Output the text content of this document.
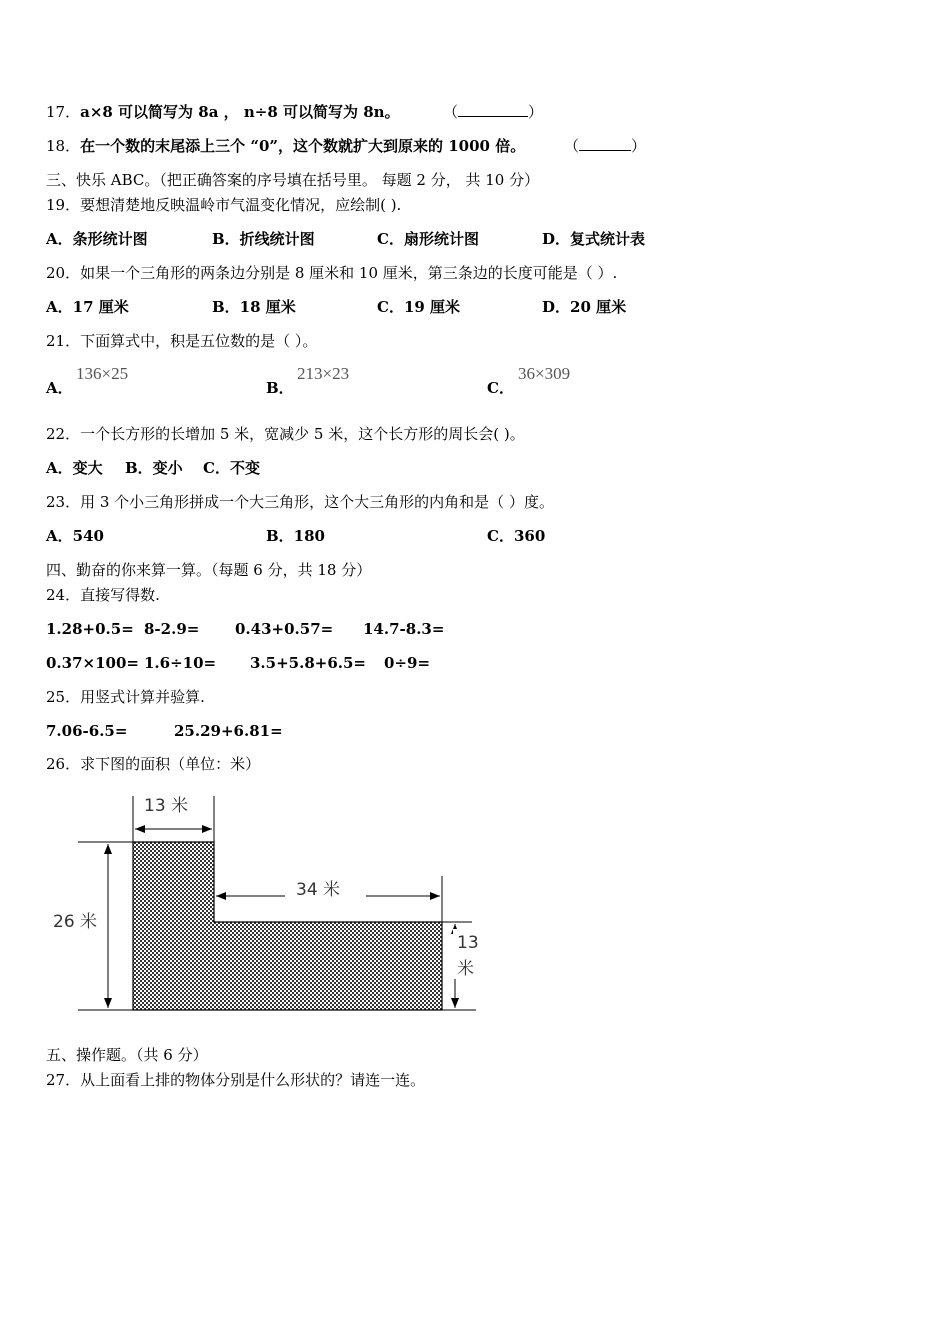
17．a×8 可以简写为 8a ， n÷8 可以简写为 8n。	（	）
18．在一个数的末尾添上三个 “0”，这个数就扩大到原来的 1000 倍。	（	）
三、快乐 ABC。（把正确答案的序号填在括号里。 每题 2 分， 共 10 分）
19．要想清楚地反映温岭市气温变化情况，应绘制( ).
A．条形统计图	B．折线统计图	C．扇形统计图	D．复式统计表
20．如果一个三角形的两条边分别是 8 厘米和 10 厘米，第三条边的长度可能是（ ）.
A．17 厘米	B．18 厘米	C．19 厘米	D．20 厘米
21．下面算式中，积是五位数的是（ ）。
A．
136×25
B．
213×23
C．
36×309
22．一个长方形的长增加 5 米，宽减少 5 米，这个长方形的周长会( )。
A．变大 B．变小 C．不变
23．用 3 个小三角形拼成一个大三角形，这个大三角形的内角和是（ ）度。
A．540	B．180	C．360
四、勤奋的你来算一算。（每题 6 分，共 18 分）
24．直接写得数.
1.28+0.5= 8-2.9= 0.43+0.57= 14.7-8.3=
0.37×100= 1.6÷10= 3.5+5.8+6.5= 0÷9=
25．用竖式计算并验算.
7.06-6.5=	25.29+6.81=
26．求下图的面积（单位：米）
13 米
34 米
26 米
13
米
五、操作题。（共 6 分）
27．从上面看上排的物体分别是什么形状的？请连一连。
